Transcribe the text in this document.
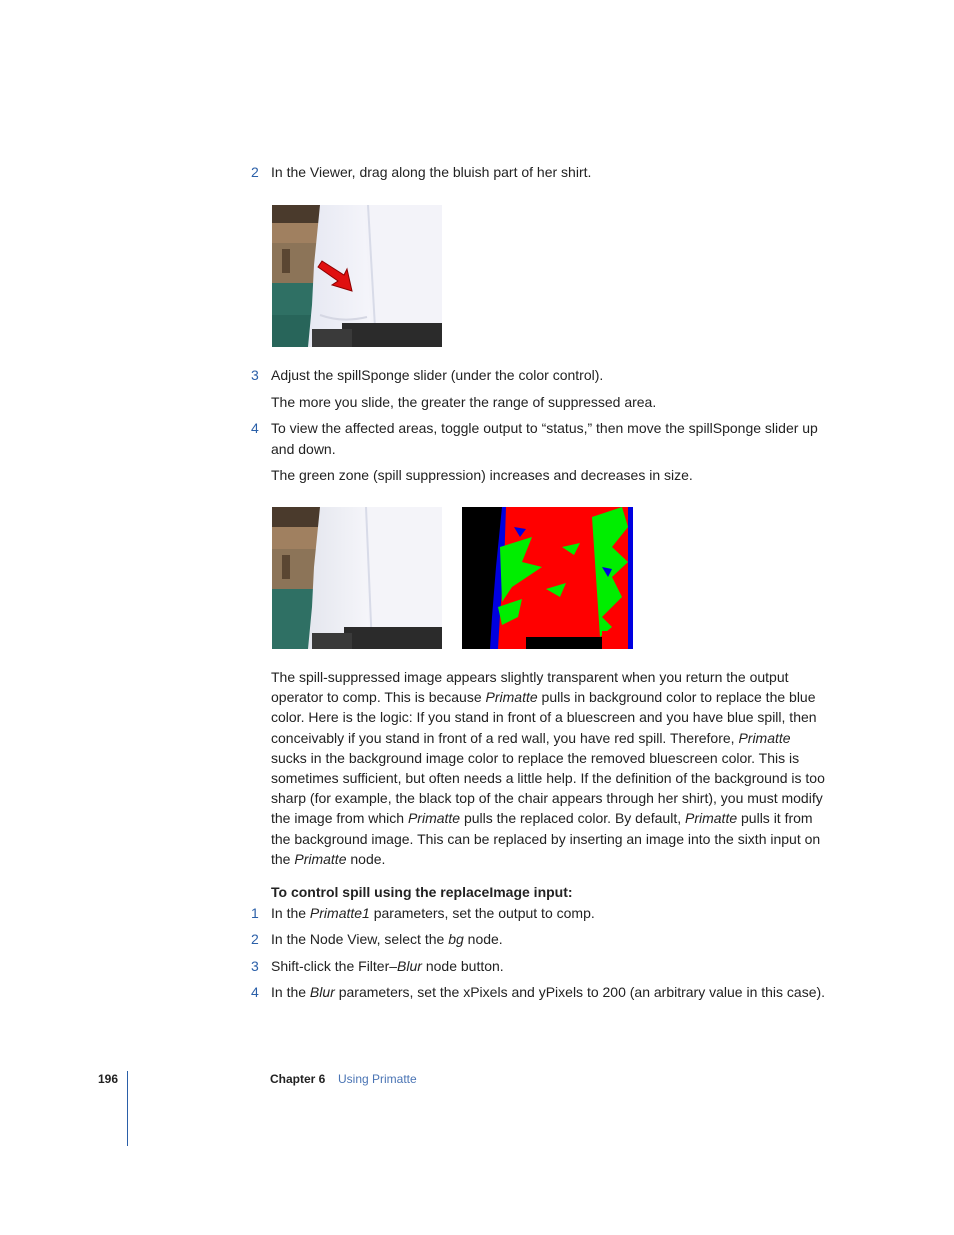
2 In the Viewer, drag along the bluish part of her shirt.
3 Adjust the spillSponge slider (under the color control).
The more you slide, the greater the range of suppressed area.
4 To view the affected areas, toggle output to “status,” then move the spillSponge slider up and down.
The green zone (spill suppression) increases and decreases in size.
The spill-suppressed image appears slightly transparent when you return the output operator to comp. This is because Primatte pulls in background color to replace the blue color. Here is the logic: If you stand in front of a bluescreen and you have blue spill, then conceivably if you stand in front of a red wall, you have red spill. Therefore, Primatte sucks in the background image color to replace the removed bluescreen color. This is sometimes sufficient, but often needs a little help. If the definition of the background is too sharp (for example, the black top of the chair appears through her shirt), you must modify the image from which Primatte pulls the replaced color. By default, Primatte pulls it from the background image. This can be replaced by inserting an image into the sixth input on the Primatte node.
To control spill using the replaceImage input:
1 In the Primatte1 parameters, set the output to comp.
2 In the Node View, select the bg node.
3 Shift-click the Filter–Blur node button.
4 In the Blur parameters, set the xPixels and yPixels to 200 (an arbitrary value in this case).
196	Chapter 6 Using Primatte
